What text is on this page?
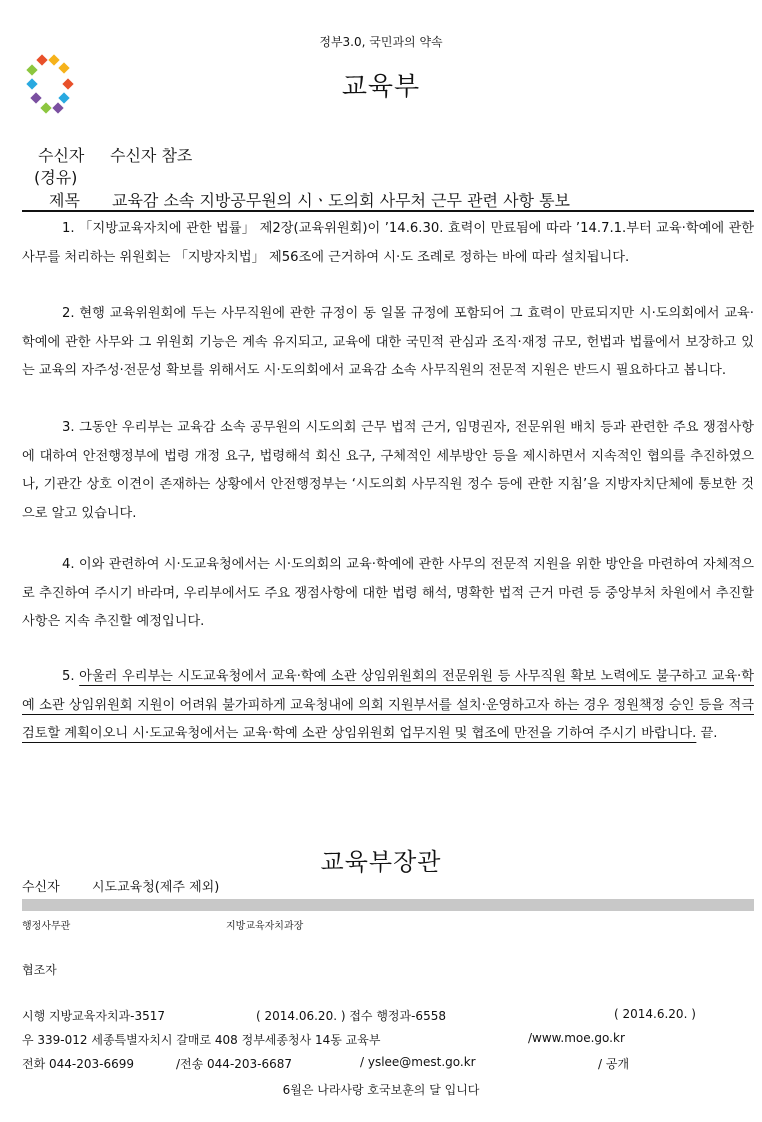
정부3.0, 국민과의 약속
교육부
수신자 수신자 참조
(경유)
제목 교육감 소속 지방공무원의 시ㆍ도의회 사무처 근무 관련 사항 통보

1. 「지방교육자치에 관한 법률」 제2장(교육위원회)이 ’14.6.30. 효력이 만료됨에 따라 ’14.7.1.부터 교육·학예에 관한 사무를 처리하는 위원회는 「지방자치법」 제56조에 근거하여 시·도 조례로 정하는 바에 따라 설치됩니다.

2. 현행 교육위원회에 두는 사무직원에 관한 규정이 동 일몰 규정에 포함되어 그 효력이 만료되지만 시·도의회에서 교육·학예에 관한 사무와 그 위원회 기능은 계속 유지되고, 교육에 대한 국민적 관심과 조직·재정 규모, 헌법과 법률에서 보장하고 있는 교육의 자주성·전문성 확보를 위해서도 시·도의회에서 교육감 소속 사무직원의 전문적 지원은 반드시 필요하다고 봅니다.

3. 그동안 우리부는 교육감 소속 공무원의 시도의회 근무 법적 근거, 임명권자, 전문위원 배치 등과 관련한 주요 쟁점사항에 대하여 안전행정부에 법령 개정 요구, 법령해석 회신 요구, 구체적인 세부방안 등을 제시하면서 지속적인 협의를 추진하였으나, 기관간 상호 이견이 존재하는 상황에서 안전행정부는 ‘시도의회 사무직원 정수 등에 관한 지침’을 지방자치단체에 통보한 것으로 알고 있습니다.

4. 이와 관련하여 시·도교육청에서는 시·도의회의 교육·학예에 관한 사무의 전문적 지원을 위한 방안을 마련하여 자체적으로 추진하여 주시기 바라며, 우리부에서도 주요 쟁점사항에 대한 법령 해석, 명확한 법적 근거 마련 등 중앙부처 차원에서 추진할 사항은 지속 추진할 예정입니다.

5. 아울러 우리부는 시도교육청에서 교육·학예 소관 상임위원회의 전문위원 등 사무직원 확보 노력에도 불구하고 교육·학예 소관 상임위원회 지원이 어려워 불가피하게 교육청내에 의회 지원부서를 설치·운영하고자 하는 경우 정원책정 승인 등을 적극 검토할 계획이오니 시·도교육청에서는 교육·학예 소관 상임위원회 업무지원 및 협조에 만전을 기하여 주시기 바랍니다. 끝.

교육부장관
수신자 시도교육청(제주 제외)
행정사무관	지방교육자치과장
협조자
시행 지방교육자치과-3517	( 2014.06.20. ) 접수 행정과-6558	( 2014.6.20. )
우 339-012 세종특별자치시 갈매로 408 정부세종청사 14동 교육부	/www.moe.go.kr
전화 044-203-6699	/전송 044-203-6687	/ yslee@mest.go.kr	/ 공개
6월은 나라사랑 호국보훈의 달 입니다
